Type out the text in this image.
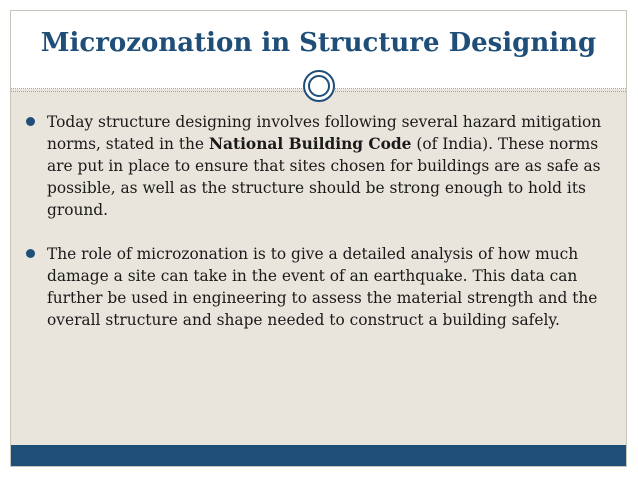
Microzonation in Structure Designing

Today structure designing involves following several hazard mitigation norms, stated in the National Building Code (of India). These norms are put in place to ensure that sites chosen for buildings are as safe as possible, as well as the structure should be strong enough to hold its ground.

The role of microzonation is to give a detailed analysis of how much damage a site can take in the event of an earthquake. This data can further be used in engineering to assess the material strength and the overall structure and shape needed to construct a building safely.
